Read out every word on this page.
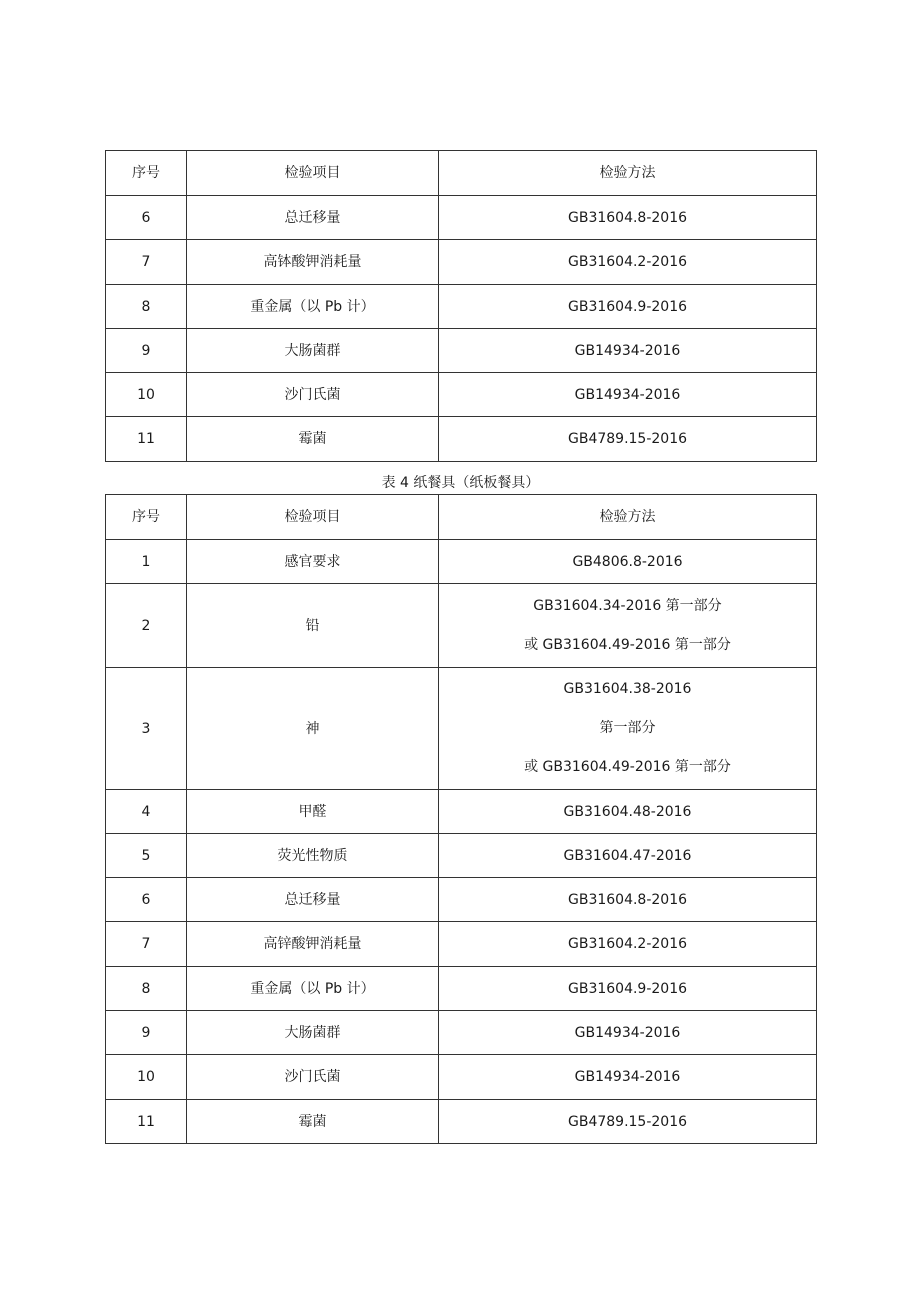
序号	检验项目	检验方法
6	总迁移量	GB31604.8-2016

7	高钵酸钾消耗量	GB31604.2-2016

8	重金属（以 Pb 计）	GB31604.9-2016

9	大肠菌群	GB14934-2016

10	沙门氏菌	GB14934-2016

11	霉菌	GB4789.15-2016
表 4 纸餐具（纸板餐具）
序号	检验项目	检验方法
1	感官要求	GB4806.8-2016

2	铅	GB31604.34-2016 第一部分
或 GB31604.49-2016 第一部分

3	神	GB31604.38-2016
第一部分
或 GB31604.49-2016 第一部分

4	甲醛	GB31604.48-2016

5	荧光性物质	GB31604.47-2016

6	总迁移量	GB31604.8-2016

7	高锌酸钾消耗量	GB31604.2-2016

8	重金属（以 Pb 计）	GB31604.9-2016

9	大肠菌群	GB14934-2016

10	沙门氏菌	GB14934-2016

11	霉菌	GB4789.15-2016
